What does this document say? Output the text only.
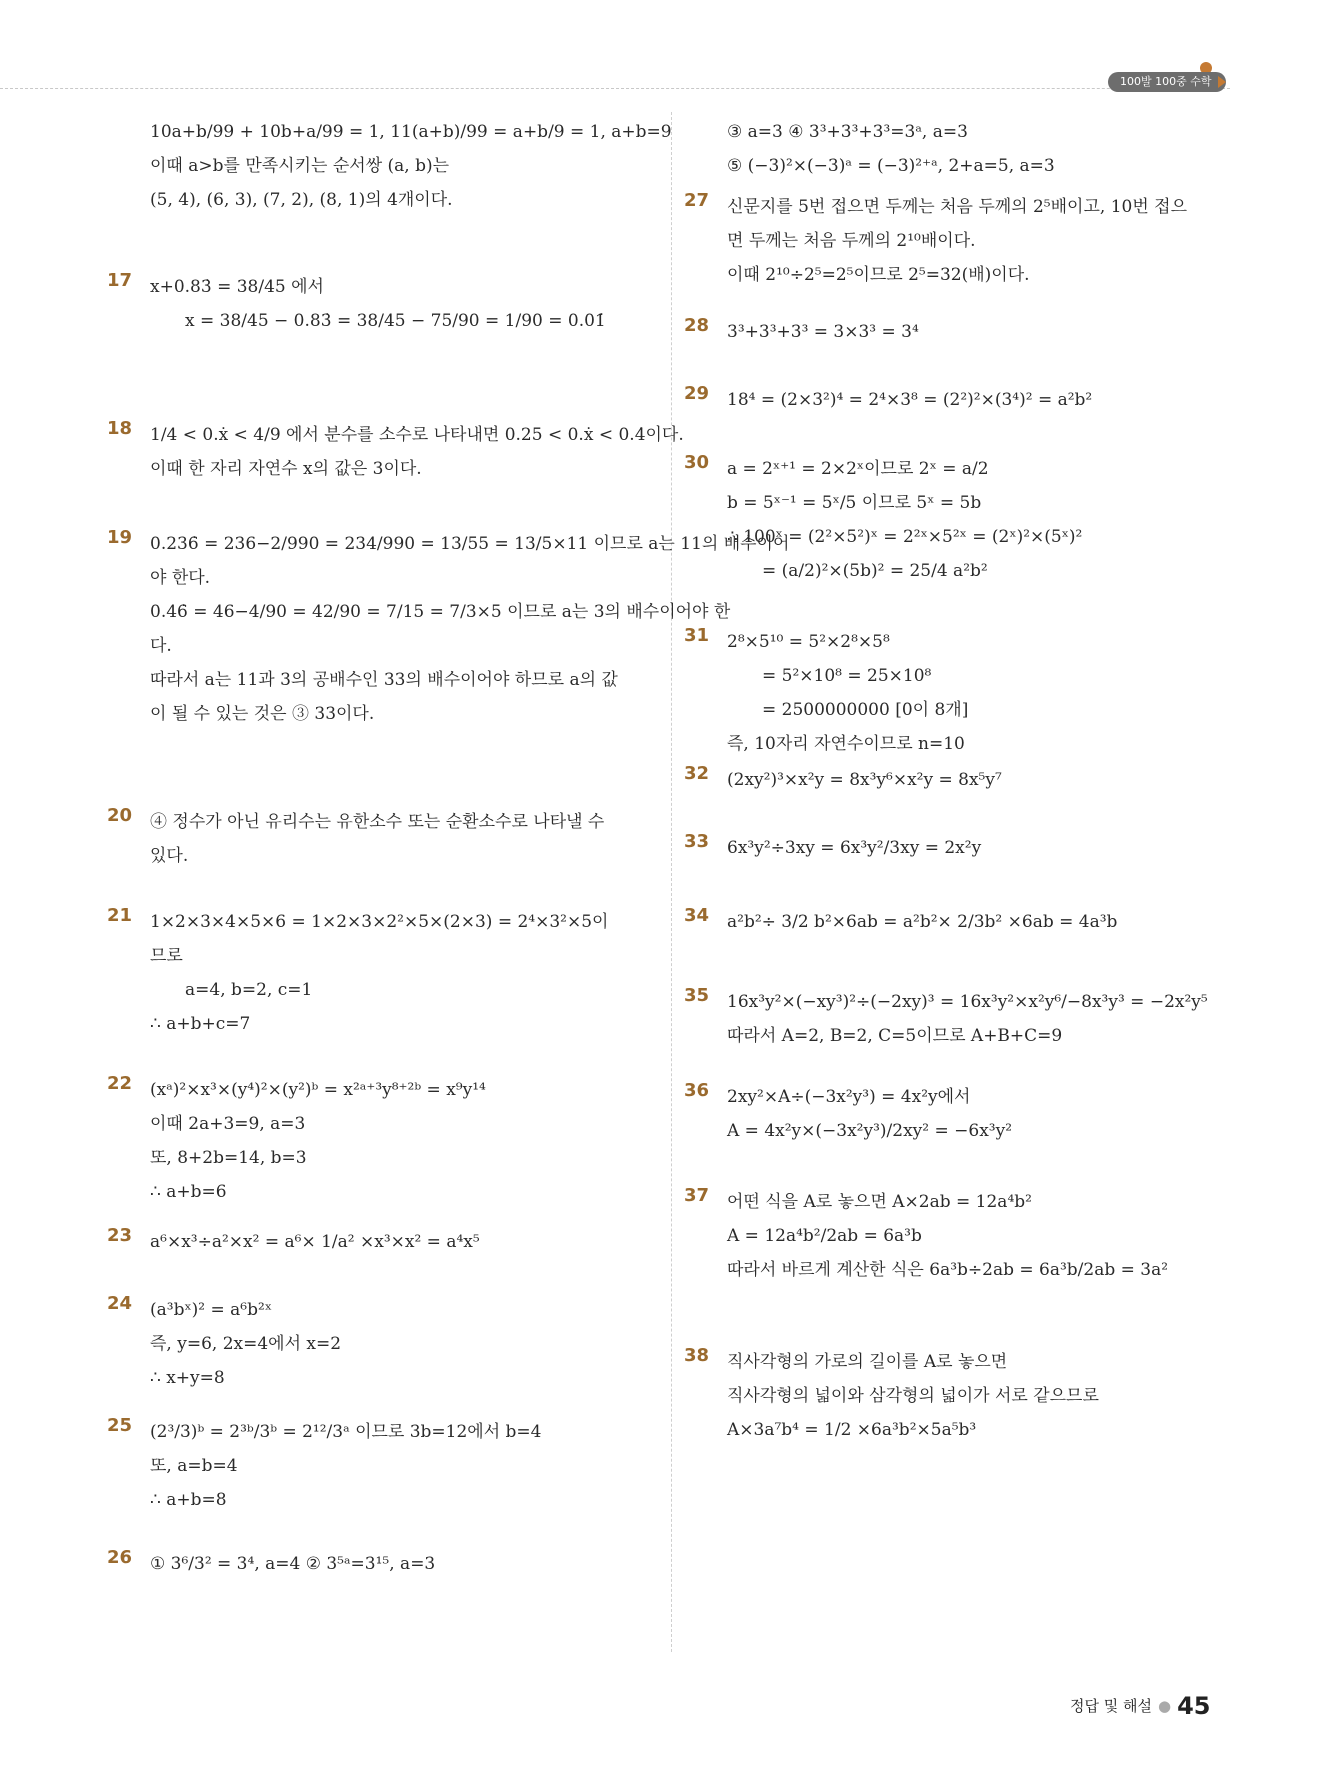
100발 100중 수학
10a+b/99 + 10b+a/99 = 1, 11(a+b)/99 = a+b/9 = 1, a+b=9
이때 a>b를 만족시키는 순서쌍 (a, b)는
(5, 4), (6, 3), (7, 2), (8, 1)의 4개이다.
17	x+0.83̇ = 38/45 에서
x = 38/45 − 0.83̇ = 38/45 − 75/90 = 1/90 = 0.01̇
18	1/4 < 0.ẋ < 4/9 에서 분수를 소수로 나타내면 0.25 < 0.ẋ < 0.4̇이다.
이때 한 자리 자연수 x의 값은 3이다.
19	0.236̇ = 236−2/990 = 234/990 = 13/55 = 13/5×11 이므로 a는 11의 배수이어
야 한다.
0.46̇ = 46−4/90 = 42/90 = 7/15 = 7/3×5 이므로 a는 3의 배수이어야 한
다.
따라서 a는 11과 3의 공배수인 33의 배수이어야 하므로 a의 값
이 될 수 있는 것은 ③ 33이다.
20	④ 정수가 아닌 유리수는 유한소수 또는 순환소수로 나타낼 수
있다.
21	1×2×3×4×5×6 = 1×2×3×2²×5×(2×3) = 2⁴×3²×5이
므로
a=4, b=2, c=1
∴ a+b+c=7
22	(xᵃ)²×x³×(y⁴)²×(y²)ᵇ = x²ᵃ⁺³y⁸⁺²ᵇ = x⁹y¹⁴
이때 2a+3=9, a=3
또, 8+2b=14, b=3
∴ a+b=6
23	a⁶×x³÷a²×x² = a⁶× 1/a² ×x³×x² = a⁴x⁵
24	(a³bˣ)² = a⁶b²ˣ
즉, y=6, 2x=4에서 x=2
∴ x+y=8
25	(2³/3)ᵇ = 2³ᵇ/3ᵇ = 2¹²/3ᵃ 이므로 3b=12에서 b=4
또, a=b=4
∴ a+b=8
26	① 3⁶/3² = 3⁴, a=4 ② 3⁵ᵃ=3¹⁵, a=3
③ a=3 ④ 3³+3³+3³=3ᵃ, a=3
⑤ (−3)²×(−3)ᵃ = (−3)²⁺ᵃ, 2+a=5, a=3
27	신문지를 5번 접으면 두께는 처음 두께의 2⁵배이고, 10번 접으
면 두께는 처음 두께의 2¹⁰배이다.
이때 2¹⁰÷2⁵=2⁵이므로 2⁵=32(배)이다.
28	3³+3³+3³ = 3×3³ = 3⁴
29	18⁴ = (2×3²)⁴ = 2⁴×3⁸ = (2²)²×(3⁴)² = a²b²
30	a = 2ˣ⁺¹ = 2×2ˣ이므로 2ˣ = a/2
b = 5ˣ⁻¹ = 5ˣ/5 이므로 5ˣ = 5b
∴ 100ˣ = (2²×5²)ˣ = 2²ˣ×5²ˣ = (2ˣ)²×(5ˣ)²
= (a/2)²×(5b)² = 25/4 a²b²
31	2⁸×5¹⁰ = 5²×2⁸×5⁸
= 5²×10⁸ = 25×10⁸
= 2500000000 [0이 8개]
즉, 10자리 자연수이므로 n=10
32	(2xy²)³×x²y = 8x³y⁶×x²y = 8x⁵y⁷
33	6x³y²÷3xy = 6x³y²/3xy = 2x²y
34	a²b²÷ 3/2 b²×6ab = a²b²× 2/3b² ×6ab = 4a³b
35	16x³y²×(−xy³)²÷(−2xy)³ = 16x³y²×x²y⁶/−8x³y³ = −2x²y⁵
따라서 A=2, B=2, C=5이므로 A+B+C=9
36	2xy²×A÷(−3x²y³) = 4x²y에서
A = 4x²y×(−3x²y³)/2xy² = −6x³y²
37	어떤 식을 A로 놓으면 A×2ab = 12a⁴b²
A = 12a⁴b²/2ab = 6a³b
따라서 바르게 계산한 식은 6a³b÷2ab = 6a³b/2ab = 3a²
38	직사각형의 가로의 길이를 A로 놓으면
직사각형의 넓이와 삼각형의 넓이가 서로 같으므로
A×3a⁷b⁴ = 1/2 ×6a³b²×5a⁵b³
정답 및 해설 ● 45
